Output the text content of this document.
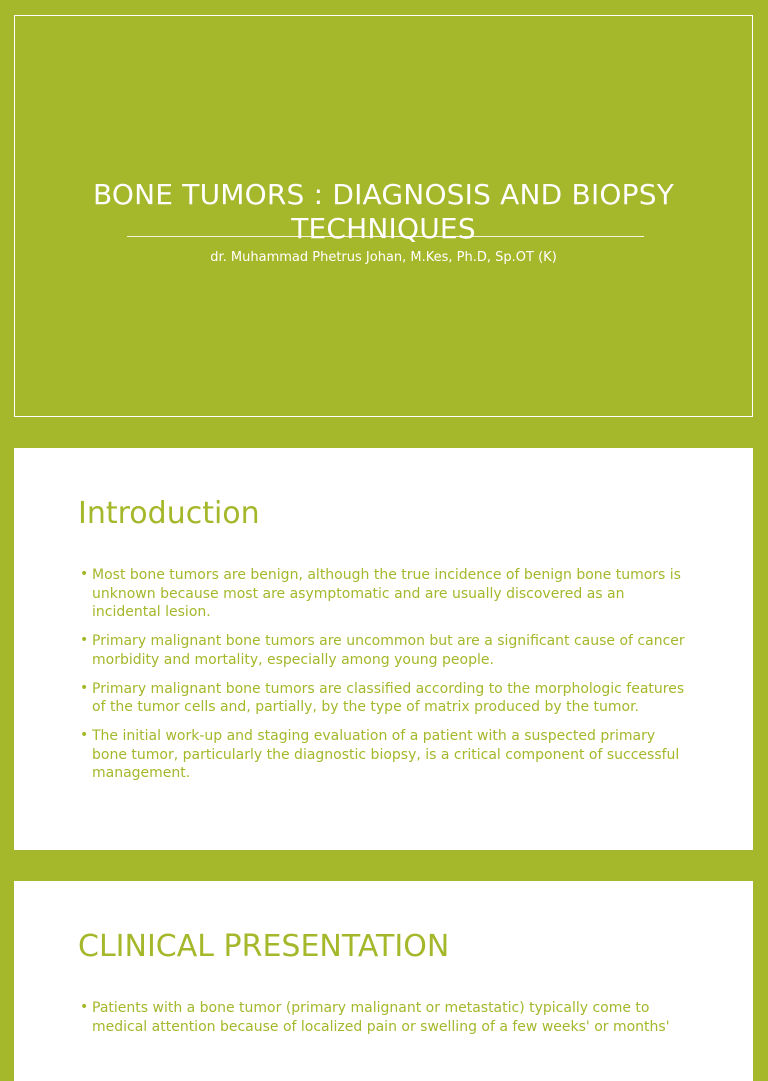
BONE TUMORS : DIAGNOSIS AND BIOPSY TECHNIQUES
dr. Muhammad Phetrus Johan, M.Kes, Ph.D, Sp.OT (K)
Introduction
• Most bone tumors are benign, although the true incidence of benign bone tumors is unknown because most are asymptomatic and are usually discovered as an incidental lesion.
• Primary malignant bone tumors are uncommon but are a significant cause of cancer morbidity and mortality, especially among young people.
• Primary malignant bone tumors are classified according to the morphologic features of the tumor cells and, partially, by the type of matrix produced by the tumor.
• The initial work-up and staging evaluation of a patient with a suspected primary bone tumor, particularly the diagnostic biopsy, is a critical component of successful management.
CLINICAL PRESENTATION
• Patients with a bone tumor (primary malignant or metastatic) typically come to medical attention because of localized pain or swelling of a few weeks' or months'
